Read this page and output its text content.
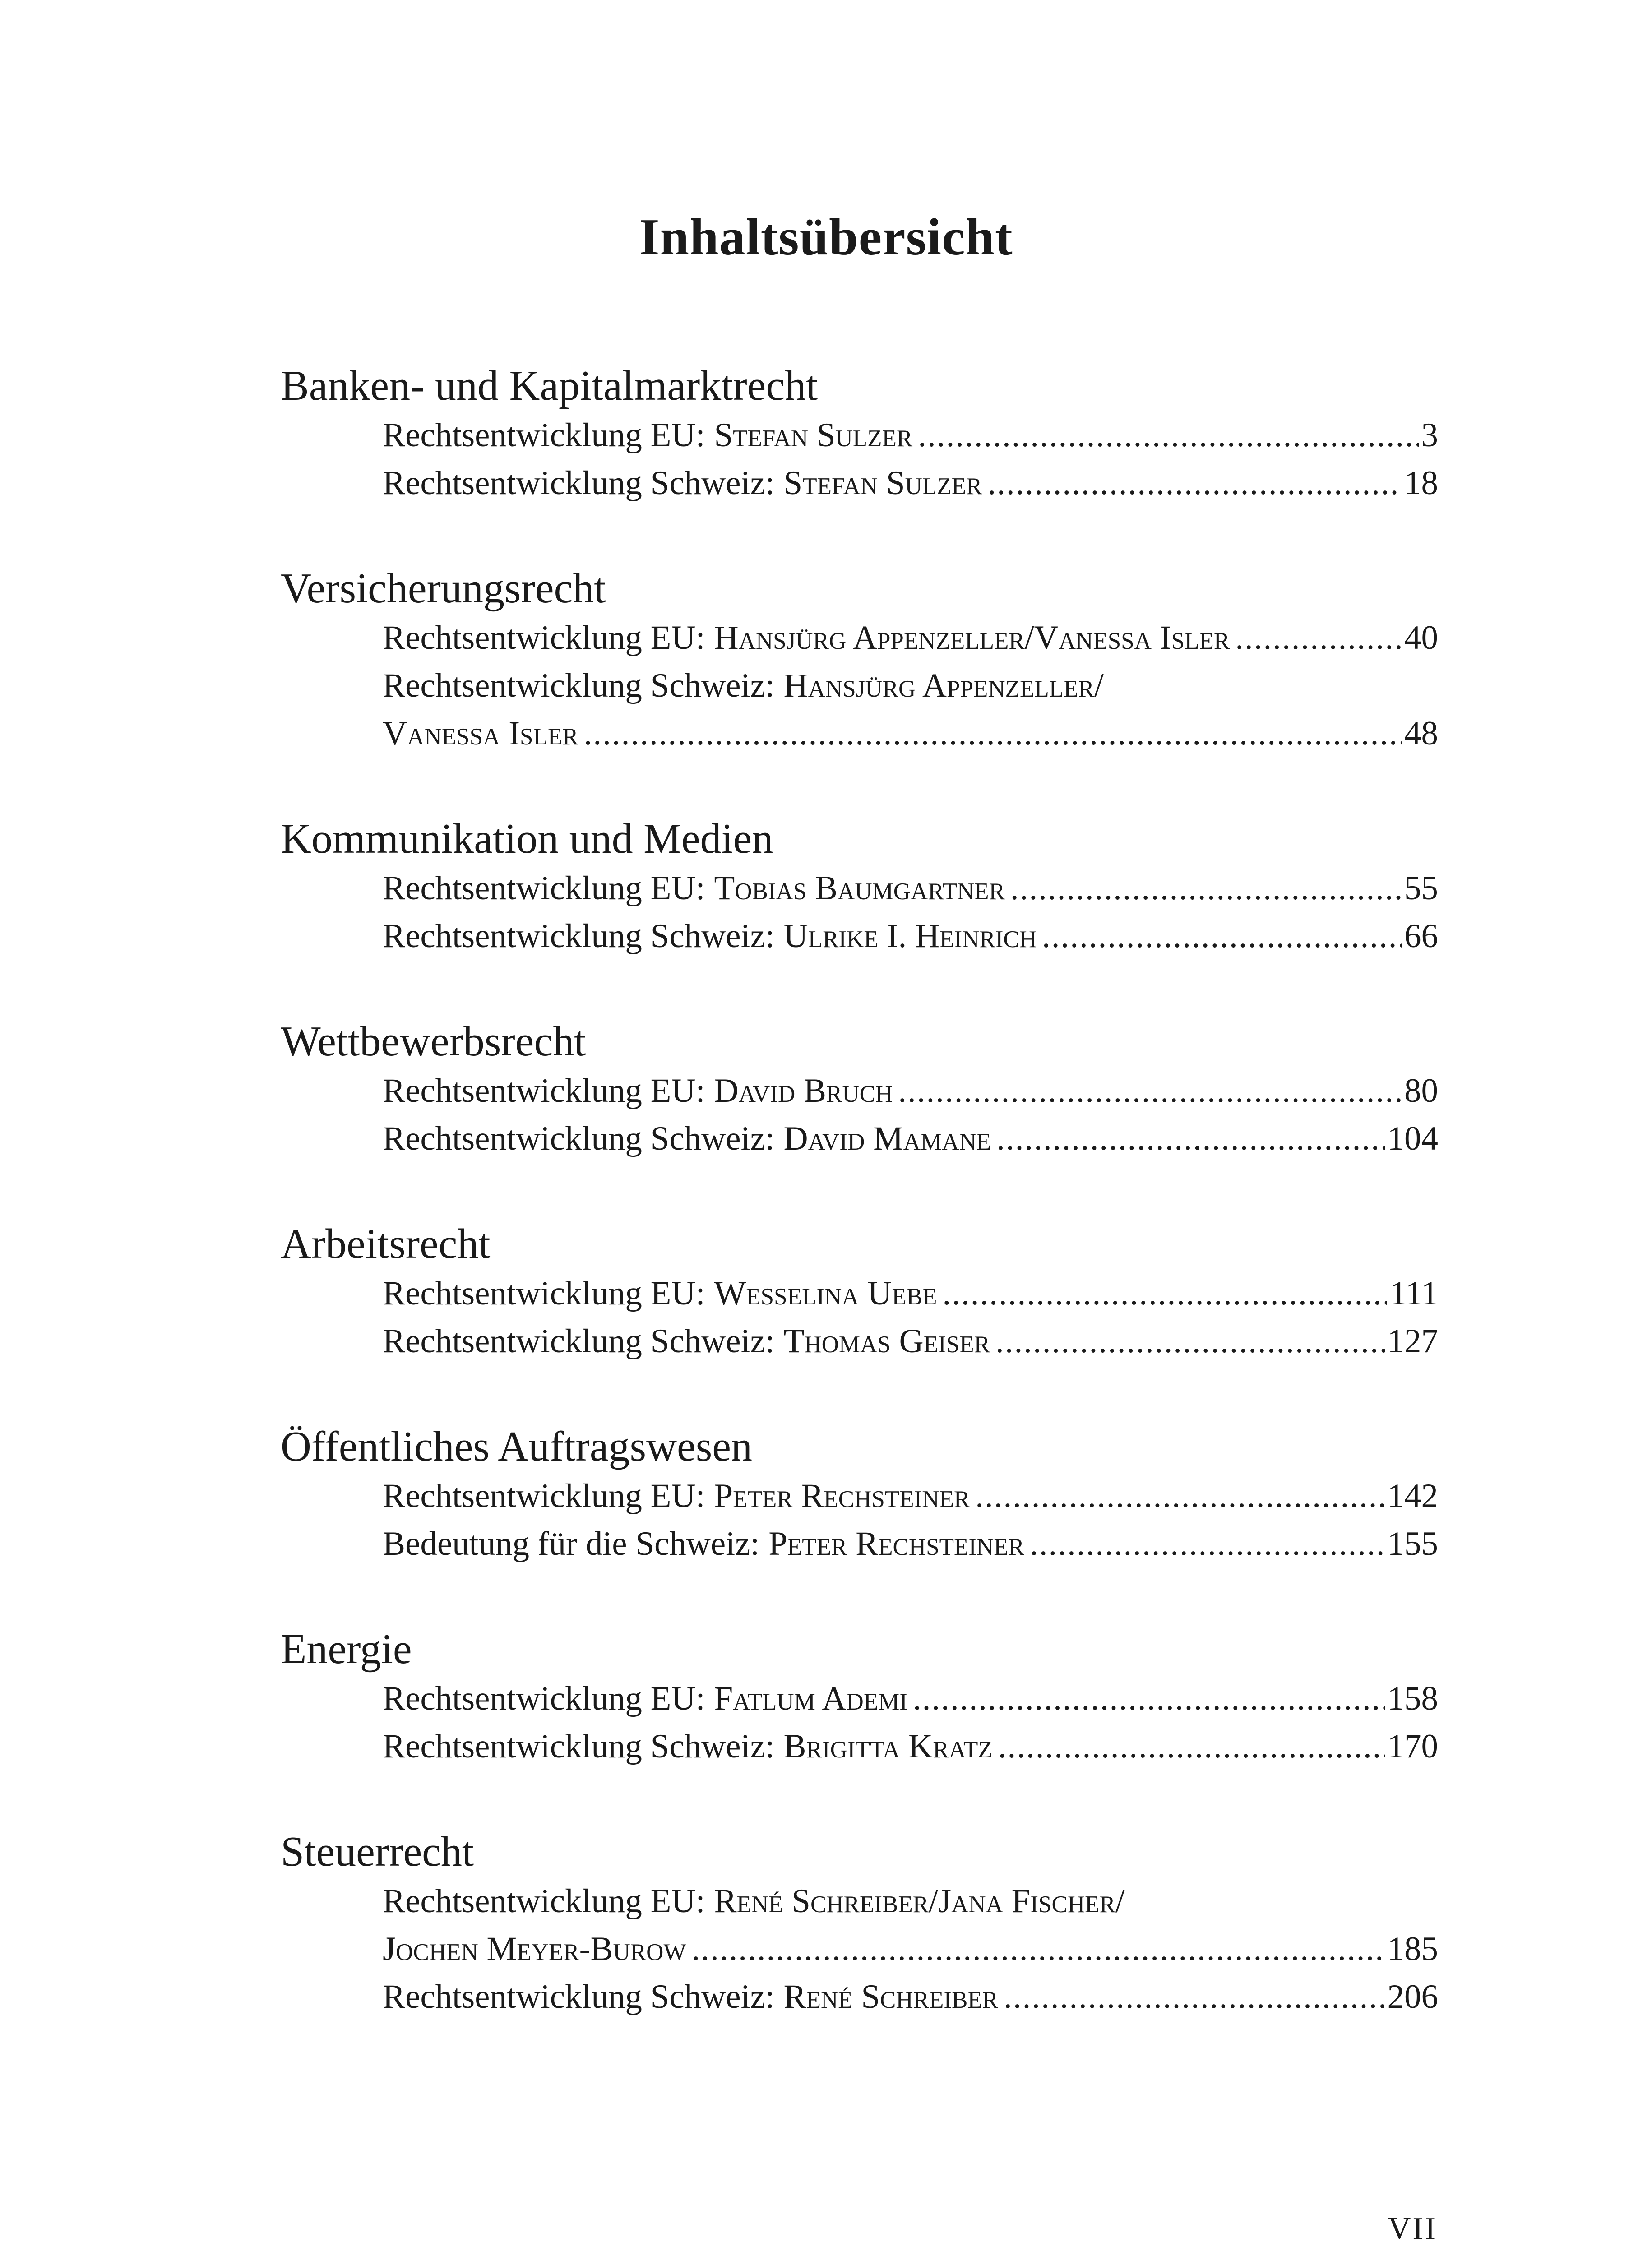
Inhaltsübersicht
Banken- und Kapitalmarktrecht
Rechtsentwicklung EU: Stefan Sulzer .....	3
Rechtsentwicklung Schweiz: Stefan Sulzer .....	18
Versicherungsrecht
Rechtsentwicklung EU: Hansjürg Appenzeller/Vanessa Isler .....	40
Rechtsentwicklung Schweiz: Hansjürg Appenzeller/
Vanessa Isler .....	48
Kommunikation und Medien
Rechtsentwicklung EU: Tobias Baumgartner .....	55
Rechtsentwicklung Schweiz: Ulrike I. Heinrich .....	66
Wettbewerbsrecht
Rechtsentwicklung EU: David Bruch .....	80
Rechtsentwicklung Schweiz: David Mamane .....	104
Arbeitsrecht
Rechtsentwicklung EU: Wesselina Uebe .....	111
Rechtsentwicklung Schweiz: Thomas Geiser .....	127
Öffentliches Auftragswesen
Rechtsentwicklung EU: Peter Rechsteiner .....	142
Bedeutung für die Schweiz: Peter Rechsteiner .....	155
Energie
Rechtsentwicklung EU: Fatlum Ademi .....	158
Rechtsentwicklung Schweiz: Brigitta Kratz .....	170
Steuerrecht
Rechtsentwicklung EU: René Schreiber/Jana Fischer/
Jochen Meyer-Burow .....	185
Rechtsentwicklung Schweiz: René Schreiber .....	206
VII
